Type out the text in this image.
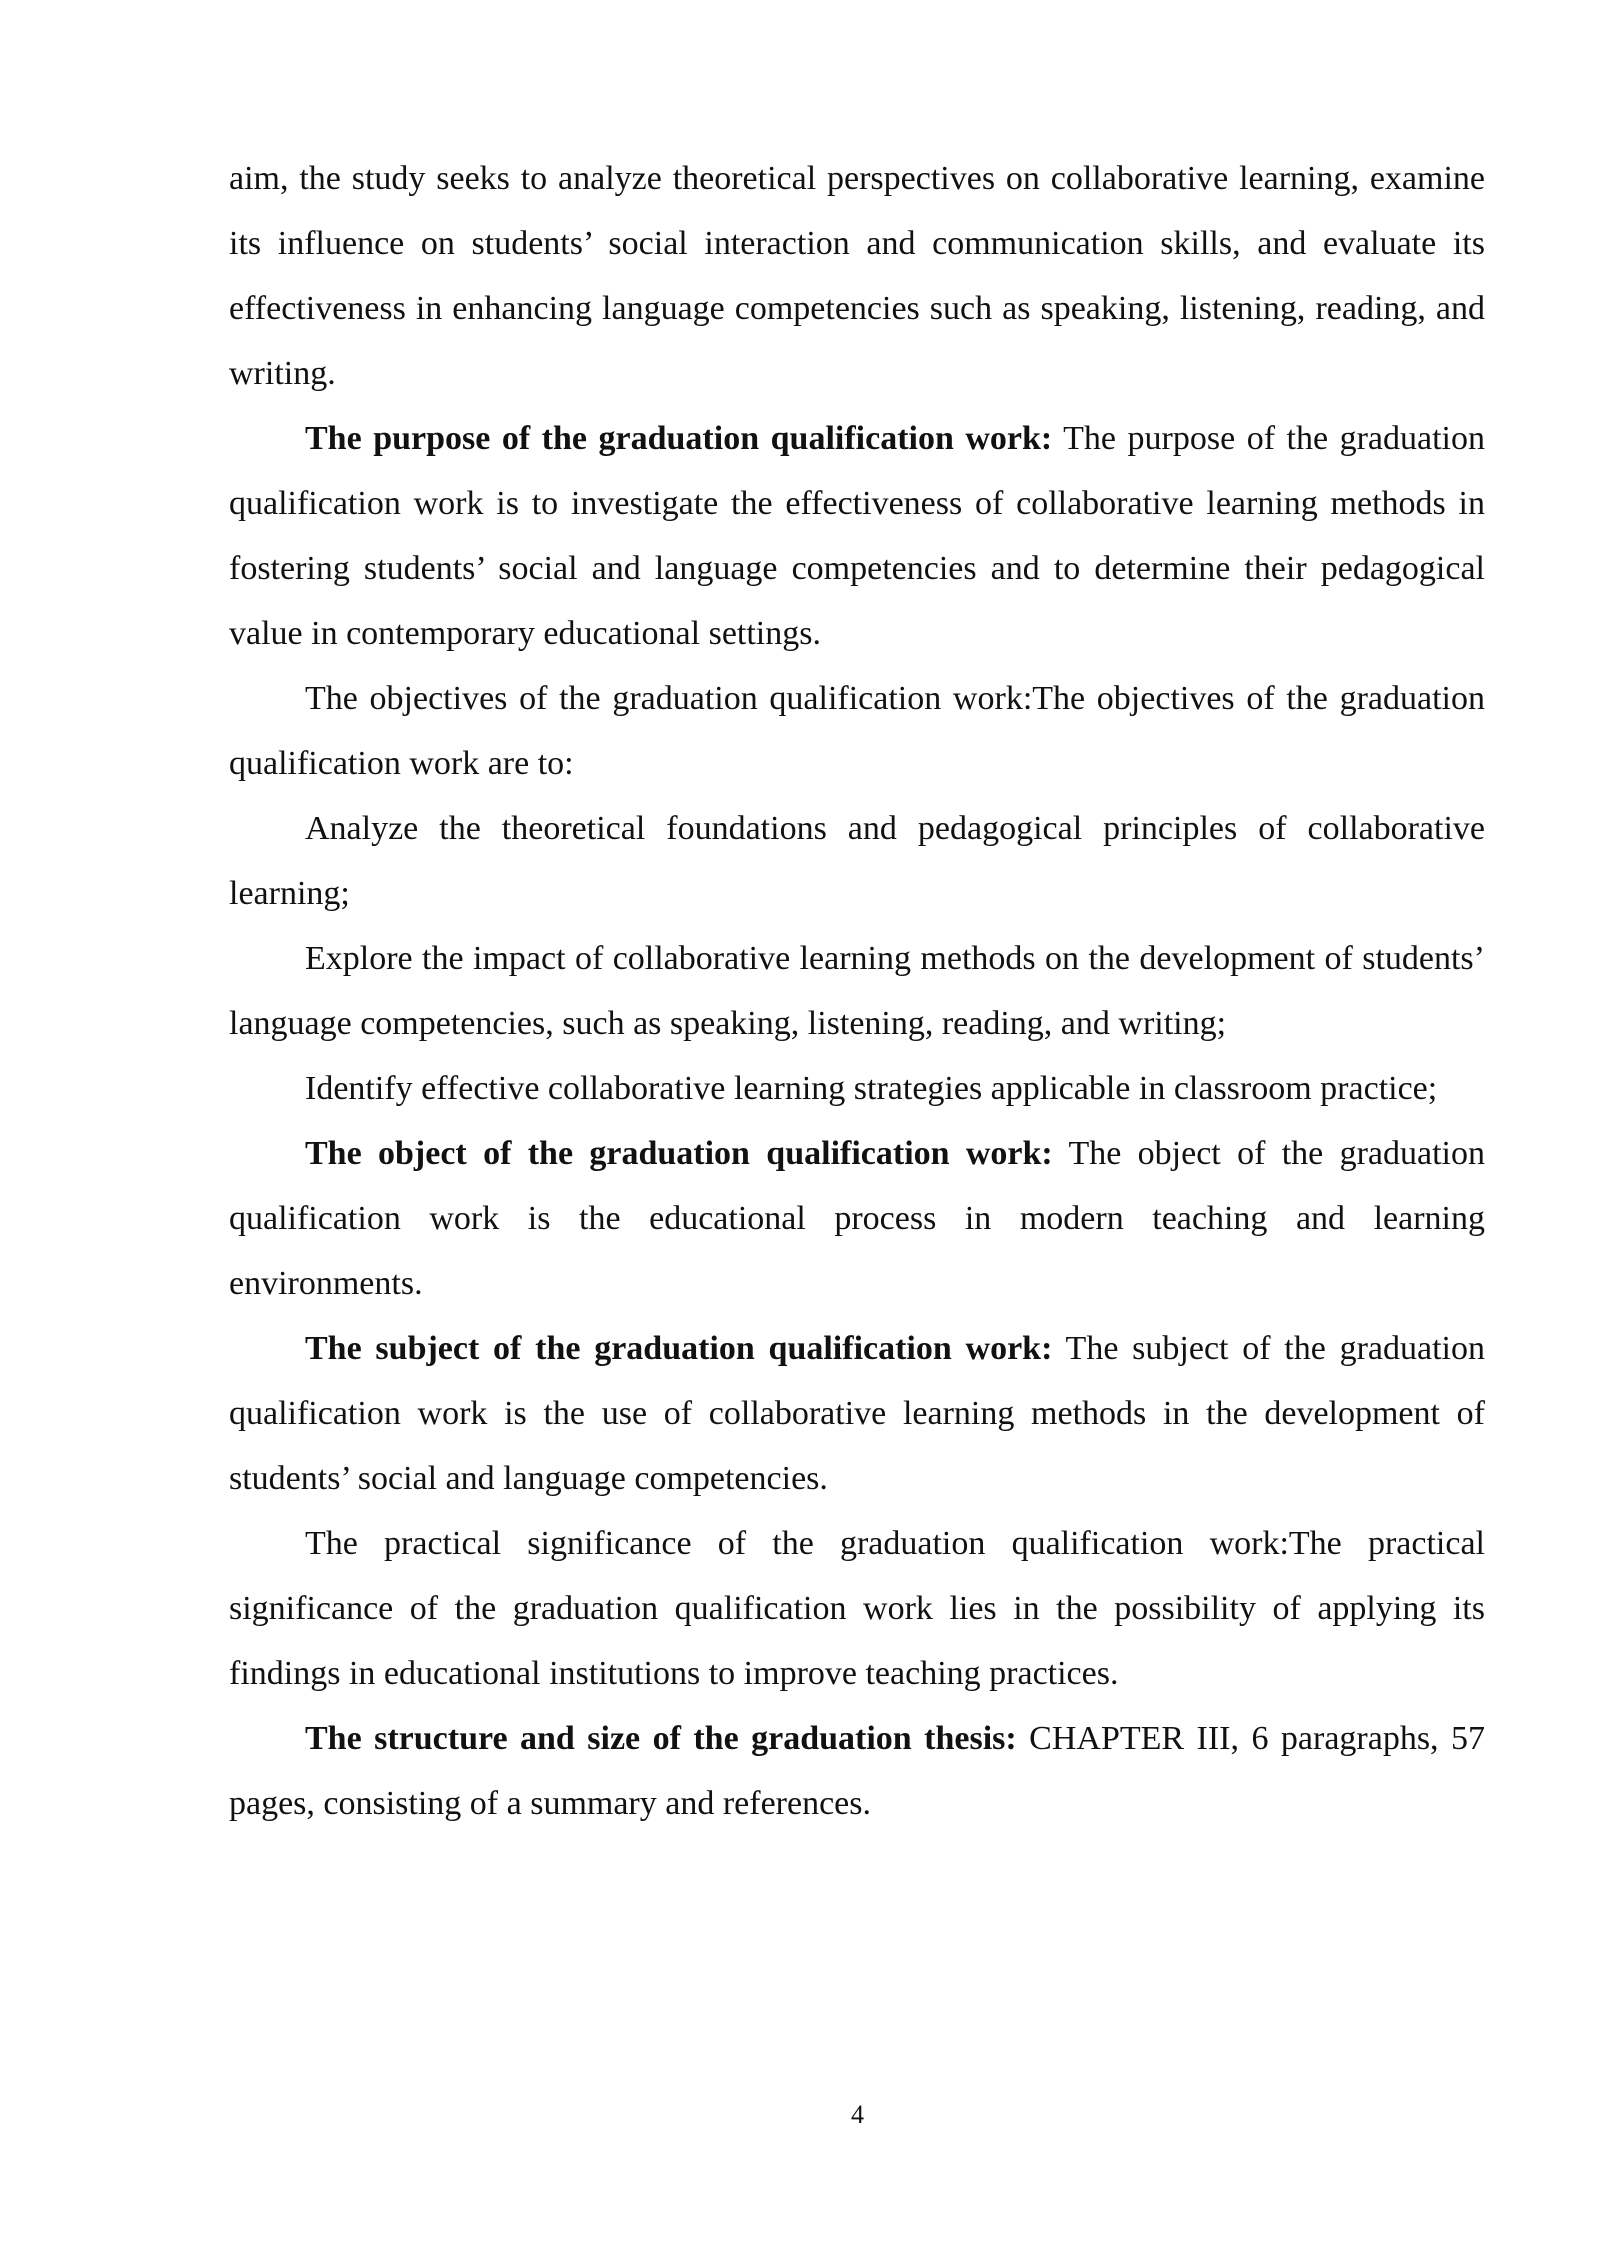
aim, the study seeks to analyze theoretical perspectives on collaborative learning, examine its influence on students’ social interaction and communication skills, and evaluate its effectiveness in enhancing language competencies such as speaking, listening, reading, and writing.

The purpose of the graduation qualification work: The purpose of the graduation qualification work is to investigate the effectiveness of collaborative learning methods in fostering students’ social and language competencies and to determine their pedagogical value in contemporary educational settings.

The objectives of the graduation qualification work:The objectives of the graduation qualification work are to:

Analyze the theoretical foundations and pedagogical principles of collaborative learning;

Explore the impact of collaborative learning methods on the development of students’ language competencies, such as speaking, listening, reading, and writing;

Identify effective collaborative learning strategies applicable in classroom practice;

The object of the graduation qualification work: The object of the graduation qualification work is the educational process in modern teaching and learning environments.

The subject of the graduation qualification work: The subject of the graduation qualification work is the use of collaborative learning methods in the development of students’ social and language competencies.

The practical significance of the graduation qualification work:The practical significance of the graduation qualification work lies in the possibility of applying its findings in educational institutions to improve teaching practices.

The structure and size of the graduation thesis: CHAPTER III, 6 paragraphs, 57 pages, consisting of a summary and references.

4
